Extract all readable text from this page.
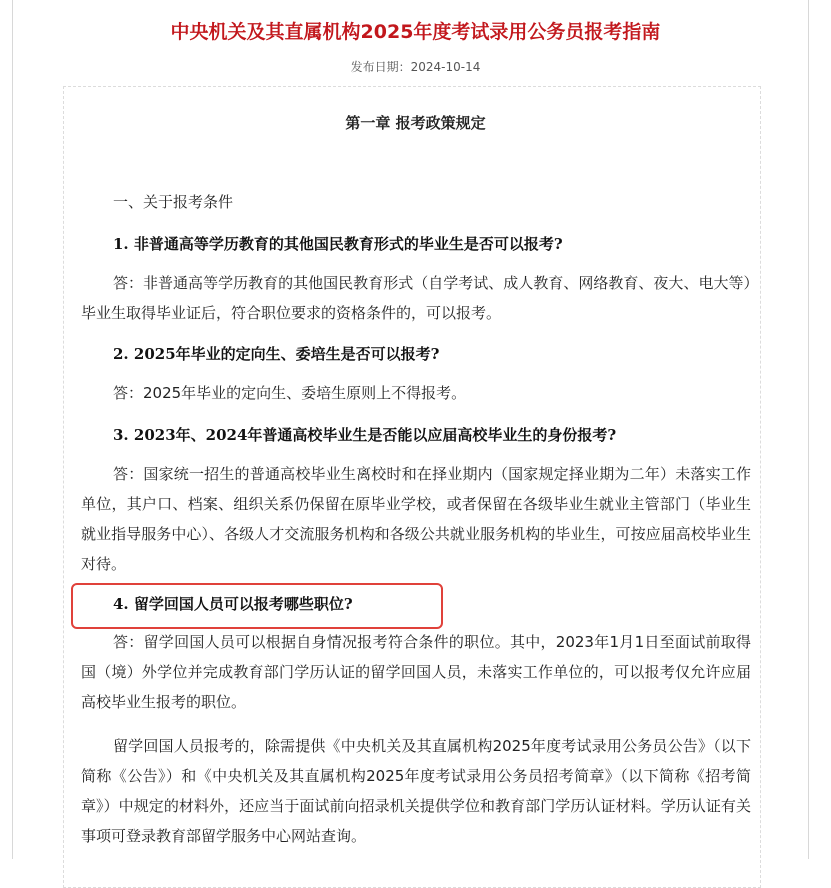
中央机关及其直属机构2025年度考试录用公务员报考指南
发布日期：2024-10-14
第一章 报考政策规定
一、关于报考条件
1. 非普通高等学历教育的其他国民教育形式的毕业生是否可以报考?
答：非普通高等学历教育的其他国民教育形式（自学考试、成人教育、网络教育、夜大、电大等）毕业生取得毕业证后，符合职位要求的资格条件的，可以报考。
2. 2025年毕业的定向生、委培生是否可以报考?
答：2025年毕业的定向生、委培生原则上不得报考。
3. 2023年、2024年普通高校毕业生是否能以应届高校毕业生的身份报考?
答：国家统一招生的普通高校毕业生离校时和在择业期内（国家规定择业期为二年）未落实工作单位，其户口、档案、组织关系仍保留在原毕业学校，或者保留在各级毕业生就业主管部门（毕业生就业指导服务中心）、各级人才交流服务机构和各级公共就业服务机构的毕业生，可按应届高校毕业生对待。
4. 留学回国人员可以报考哪些职位?
答：留学回国人员可以根据自身情况报考符合条件的职位。其中，2023年1月1日至面试前取得国（境）外学位并完成教育部门学历认证的留学回国人员，未落实工作单位的，可以报考仅允许应届高校毕业生报考的职位。
留学回国人员报考的，除需提供《中央机关及其直属机构2025年度考试录用公务员公告》（以下简称《公告》）和《中央机关及其直属机构2025年度考试录用公务员招考简章》（以下简称《招考简章》）中规定的材料外，还应当于面试前向招录机关提供学位和教育部门学历认证材料。学历认证有关事项可登录教育部留学服务中心网站查询。
